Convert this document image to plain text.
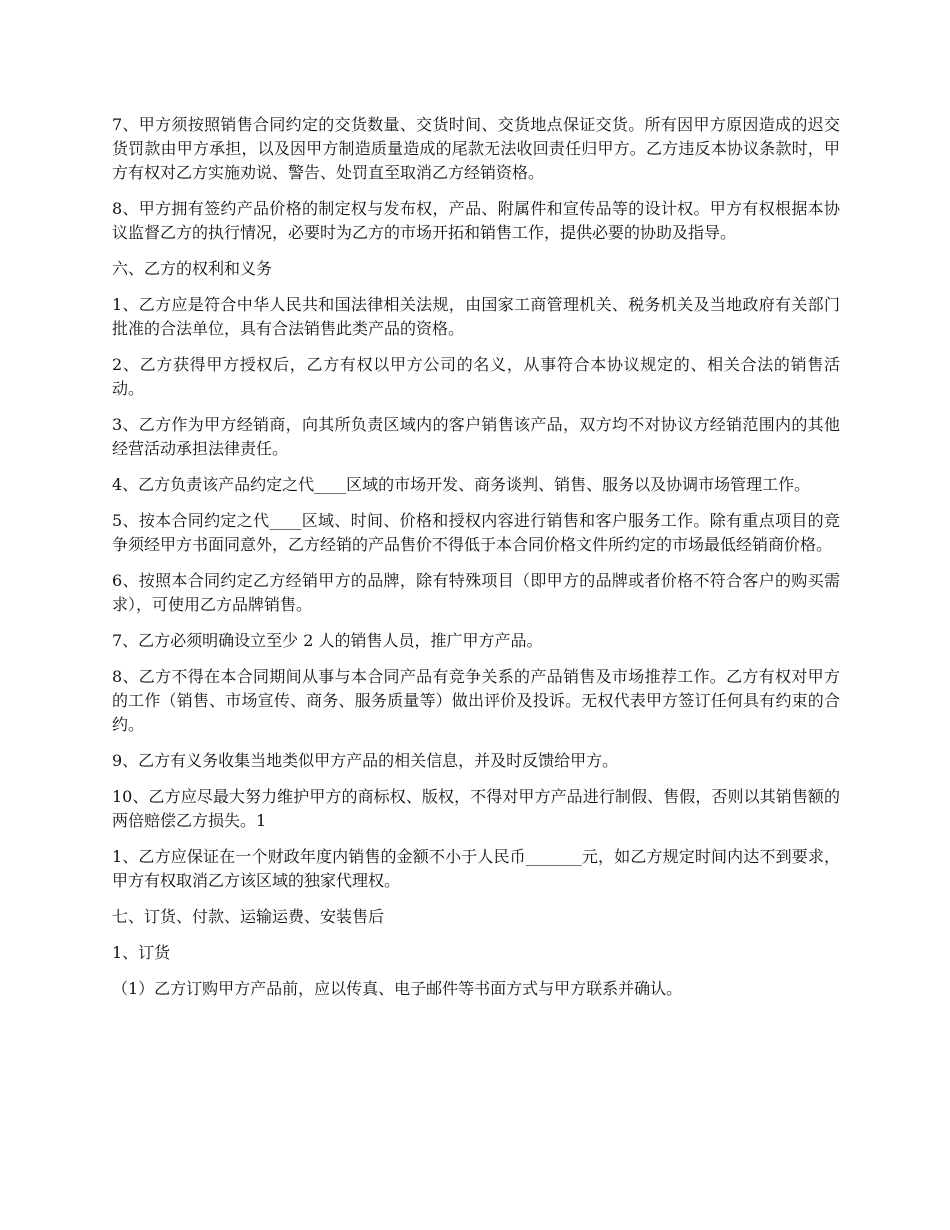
7、甲方须按照销售合同约定的交货数量、交货时间、交货地点保证交货。所有因甲方原因造成的迟交货罚款由甲方承担，以及因甲方制造质量造成的尾款无法收回责任归甲方。乙方违反本协议条款时，甲方有权对乙方实施劝说、警告、处罚直至取消乙方经销资格。

8、甲方拥有签约产品价格的制定权与发布权，产品、附属件和宣传品等的设计权。甲方有权根据本协议监督乙方的执行情况，必要时为乙方的市场开拓和销售工作，提供必要的协助及指导。

六、乙方的权利和义务

1、乙方应是符合中华人民共和国法律相关法规，由国家工商管理机关、税务机关及当地政府有关部门批准的合法单位，具有合法销售此类产品的资格。

2、乙方获得甲方授权后，乙方有权以甲方公司的名义，从事符合本协议规定的、相关合法的销售活动。

3、乙方作为甲方经销商，向其所负责区域内的客户销售该产品，双方均不对协议方经销范围内的其他经营活动承担法律责任。

4、乙方负责该产品约定之代____区域的市场开发、商务谈判、销售、服务以及协调市场管理工作。

5、按本合同约定之代____区域、时间、价格和授权内容进行销售和客户服务工作。除有重点项目的竞争须经甲方书面同意外，乙方经销的产品售价不得低于本合同价格文件所约定的市场最低经销商价格。

6、按照本合同约定乙方经销甲方的品牌，除有特殊项目（即甲方的品牌或者价格不符合客户的购买需求），可使用乙方品牌销售。

7、乙方必须明确设立至少 2 人的销售人员，推广甲方产品。

8、乙方不得在本合同期间从事与本合同产品有竞争关系的产品销售及市场推荐工作。乙方有权对甲方的工作（销售、市场宣传、商务、服务质量等）做出评价及投诉。无权代表甲方签订任何具有约束的合约。

9、乙方有义务收集当地类似甲方产品的相关信息，并及时反馈给甲方。

10、乙方应尽最大努力维护甲方的商标权、版权，不得对甲方产品进行制假、售假，否则以其销售额的两倍赔偿乙方损失。1

1、乙方应保证在一个财政年度内销售的金额不小于人民币_______元，如乙方规定时间内达不到要求，甲方有权取消乙方该区域的独家代理权。

七、订货、付款、运输运费、安装售后

1、订货

（1）乙方订购甲方产品前，应以传真、电子邮件等书面方式与甲方联系并确认。
